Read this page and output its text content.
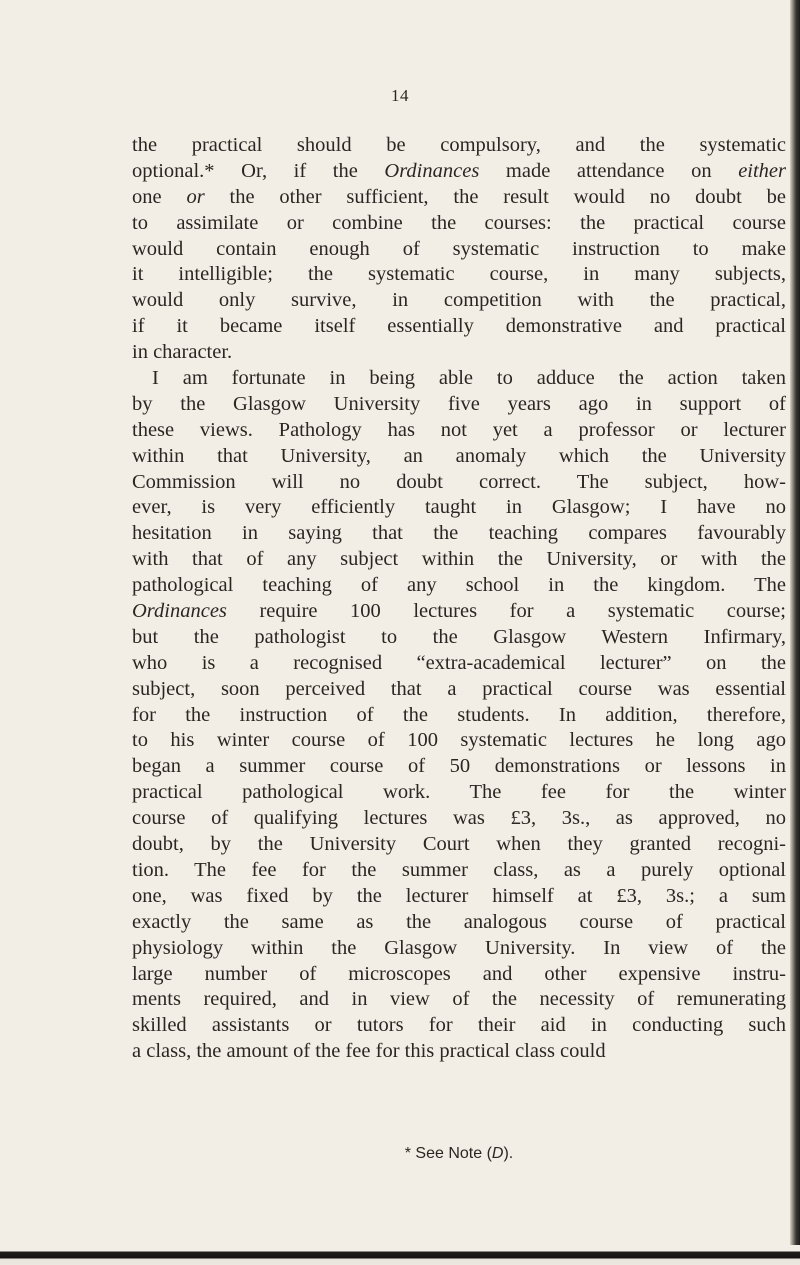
14
the practical should be compulsory, and the systematic
optional.* Or, if the Ordinances made attendance on either
one or the other sufficient, the result would no doubt be
to assimilate or combine the courses: the practical course
would contain enough of systematic instruction to make
it intelligible; the systematic course, in many subjects,
would only survive, in competition with the practical,
if it became itself essentially demonstrative and practical
in character.
I am fortunate in being able to adduce the action taken
by the Glasgow University five years ago in support of
these views. Pathology has not yet a professor or lecturer
within that University, an anomaly which the University
Commission will no doubt correct. The subject, how-
ever, is very efficiently taught in Glasgow; I have no
hesitation in saying that the teaching compares favourably
with that of any subject within the University, or with the
pathological teaching of any school in the kingdom. The
Ordinances require 100 lectures for a systematic course;
but the pathologist to the Glasgow Western Infirmary,
who is a recognised “extra-academical lecturer” on the
subject, soon perceived that a practical course was essential
for the instruction of the students. In addition, therefore,
to his winter course of 100 systematic lectures he long ago
began a summer course of 50 demonstrations or lessons in
practical pathological work. The fee for the winter
course of qualifying lectures was £3, 3s., as approved, no
doubt, by the University Court when they granted recogni-
tion. The fee for the summer class, as a purely optional
one, was fixed by the lecturer himself at £3, 3s.; a sum
exactly the same as the analogous course of practical
physiology within the Glasgow University. In view of the
large number of microscopes and other expensive instru-
ments required, and in view of the necessity of remunerating
skilled assistants or tutors for their aid in conducting such
a class, the amount of the fee for this practical class could
* See Note (D).
